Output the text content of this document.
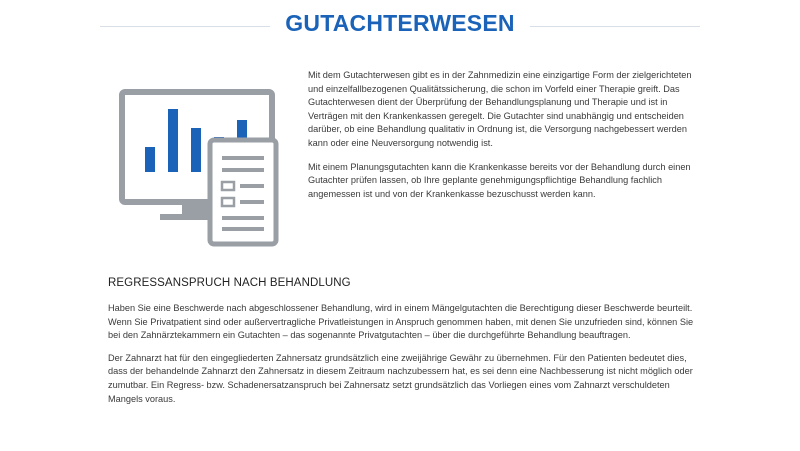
GUTACHTERWESEN

Mit dem Gutachterwesen gibt es in der Zahnmedizin eine einzigartige Form der zielgerichteten und einzelfallbezogenen Qualitätssicherung, die schon im Vorfeld einer Therapie greift. Das Gutachterwesen dient der Überprüfung der Behandlungsplanung und Therapie und ist in Verträgen mit den Krankenkassen geregelt. Die Gutachter sind unabhängig und entscheiden darüber, ob eine Behandlung qualitativ in Ordnung ist, die Versorgung nachgebessert werden kann oder eine Neuversorgung notwendig ist.

Mit einem Planungsgutachten kann die Krankenkasse bereits vor der Behandlung durch einen Gutachter prüfen lassen, ob Ihre geplante genehmigungspflichtige Behandlung fachlich angemessen ist und von der Krankenkasse bezuschusst werden kann.

REGRESSANSPRUCH NACH BEHANDLUNG

Haben Sie eine Beschwerde nach abgeschlossener Behandlung, wird in einem Mängelgutachten die Berechtigung dieser Beschwerde beurteilt. Wenn Sie Privatpatient sind oder außervertragliche Privatleistungen in Anspruch genommen haben, mit denen Sie unzufrieden sind, können Sie bei den Zahnärztekammern ein Gutachten – das sogenannte Privatgutachten – über die durchgeführte Behandlung beauftragen.

Der Zahnarzt hat für den eingegliederten Zahnersatz grundsätzlich eine zweijährige Gewähr zu übernehmen. Für den Patienten bedeutet dies, dass der behandelnde Zahnarzt den Zahnersatz in diesem Zeitraum nachzubessern hat, es sei denn eine Nachbesserung ist nicht möglich oder zumutbar. Ein Regress- bzw. Schadenersatzanspruch bei Zahnersatz setzt grundsätzlich das Vorliegen eines vom Zahnarzt verschuldeten Mangels voraus.
